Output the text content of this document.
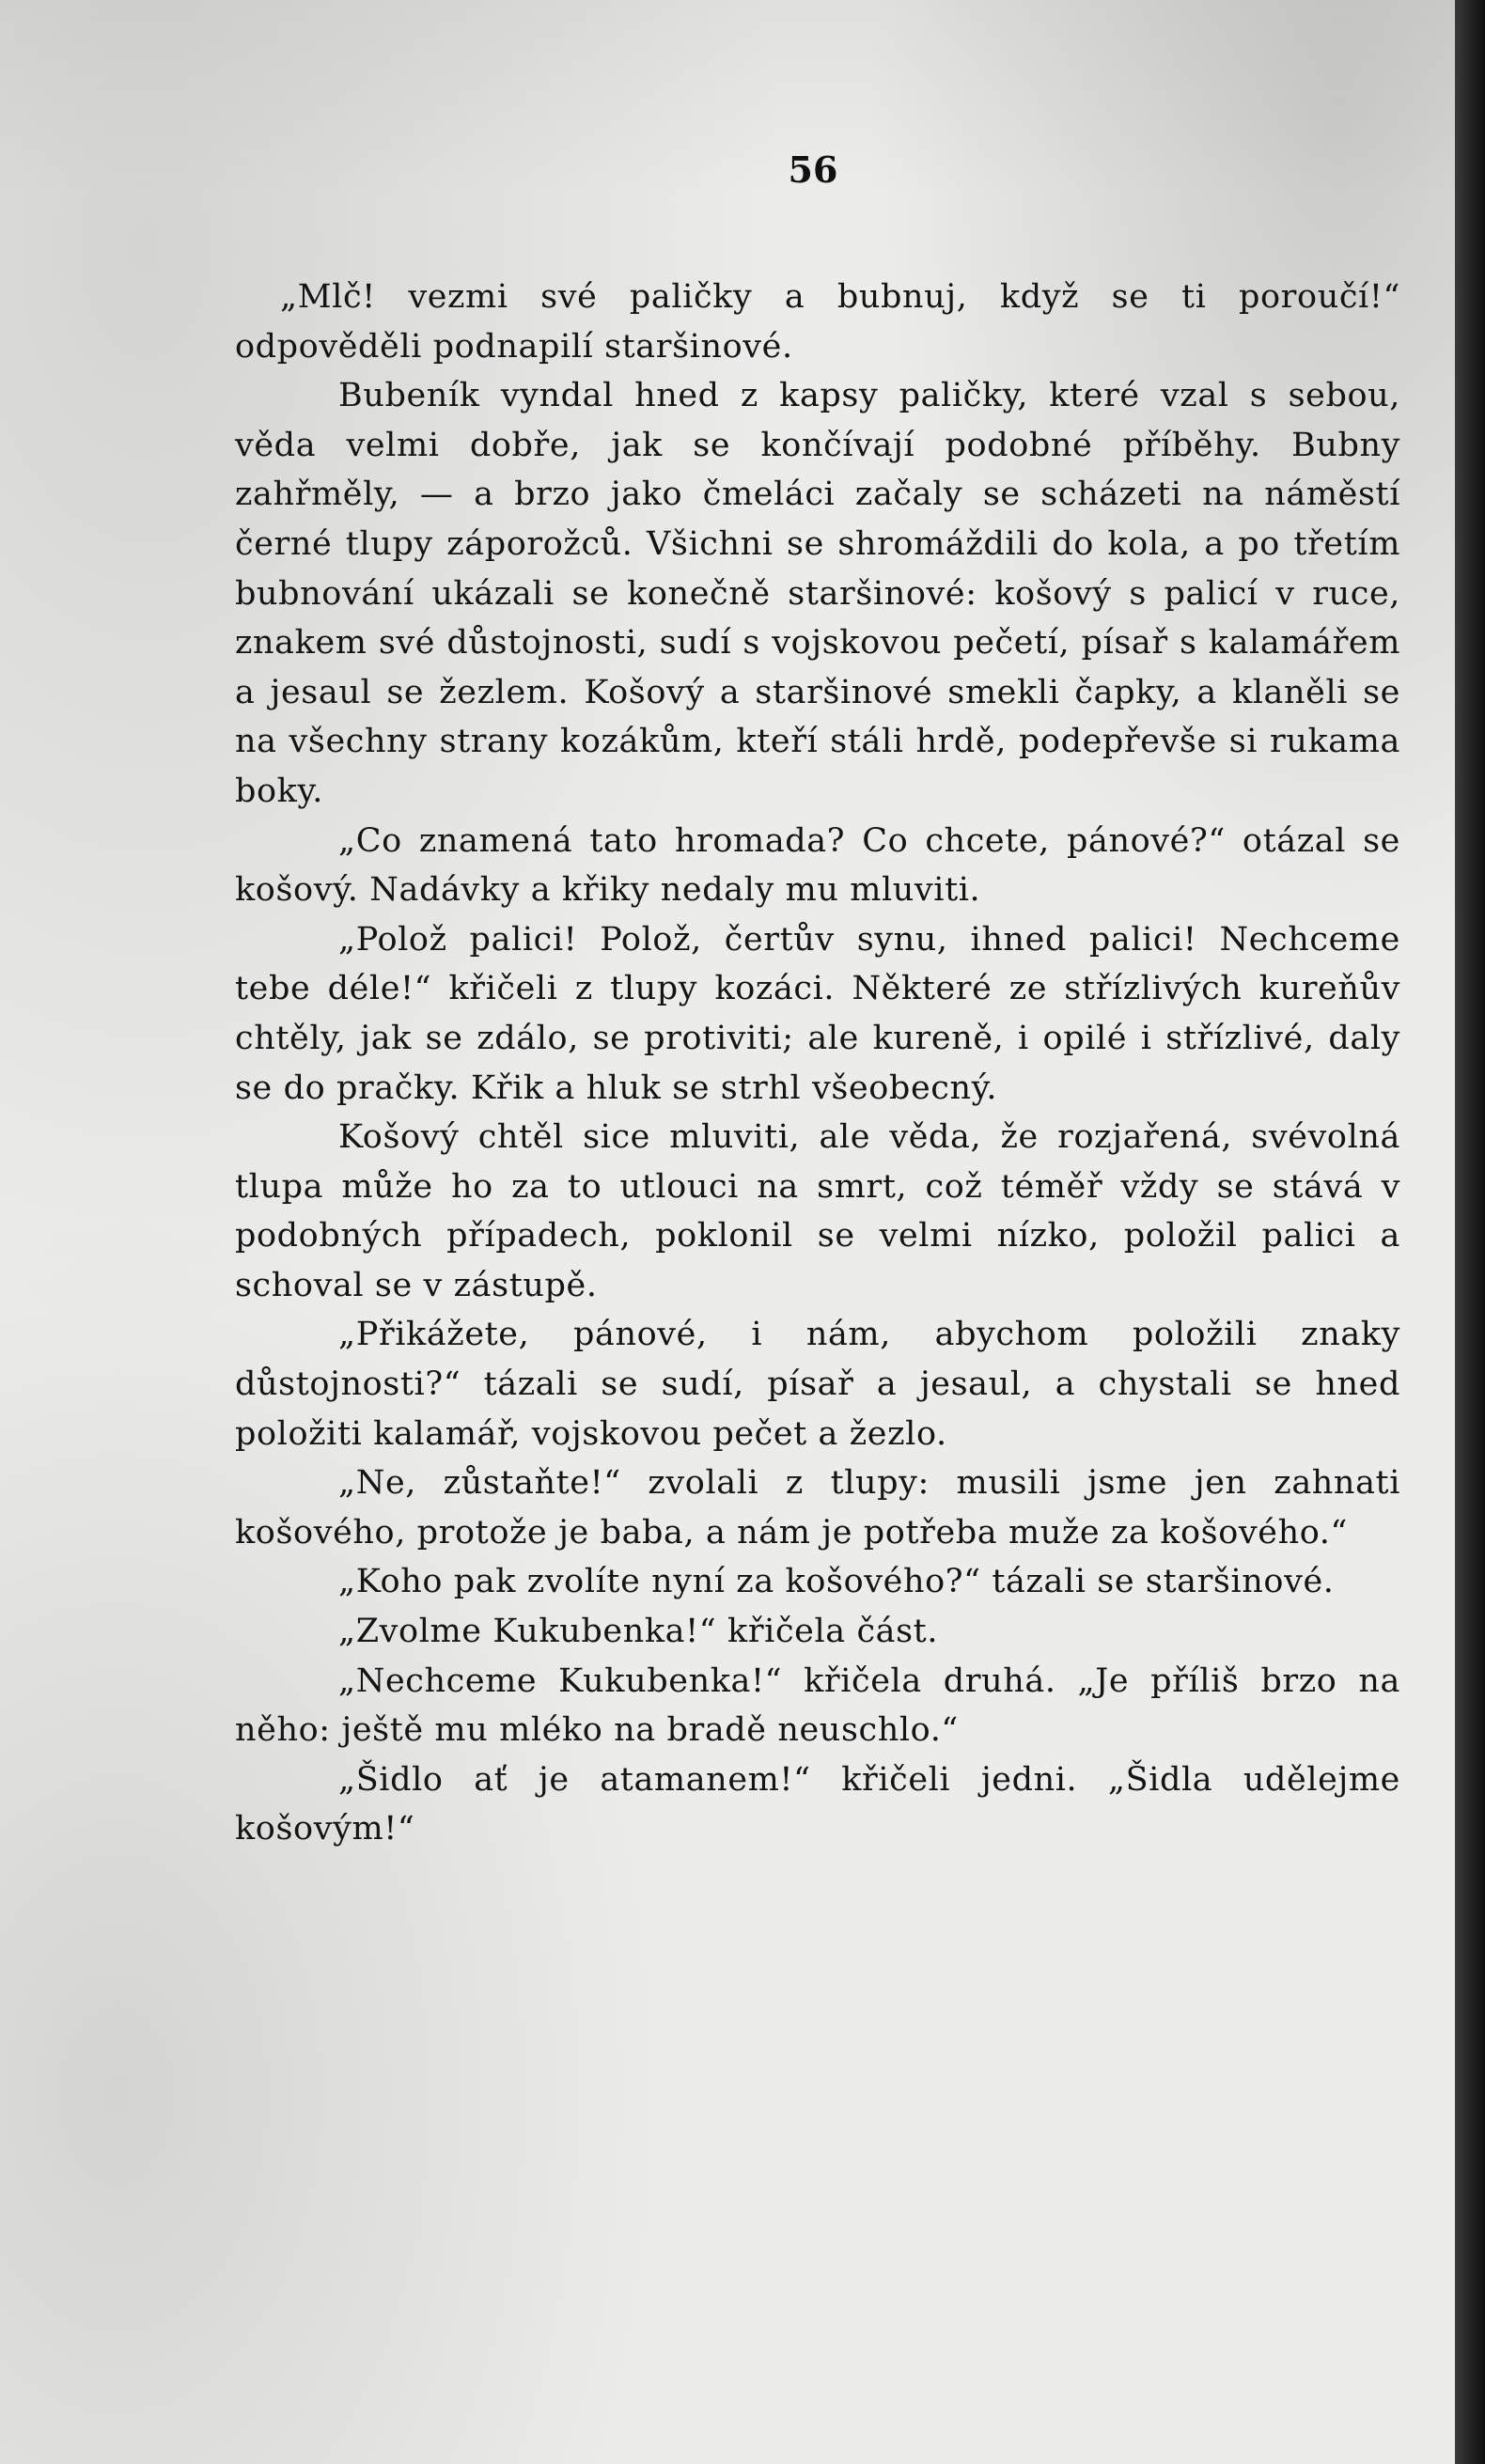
56

„Mlč! vezmi své paličky a bubnuj, když se ti poroučí!“ odpověděli podnapilí staršinové.

Bubeník vyndal hned z kapsy paličky, které vzal s sebou, věda velmi dobře, jak se končívají podobné příběhy. Bubny zahřměly, — a brzo jako čmeláci začaly se scházeti na náměstí černé tlupy záporožců. Všichni se shromáždili do kola, a po třetím bubnování ukázali se konečně staršinové: košový s palicí v ruce, znakem své důstojnosti, sudí s vojskovou pečetí, písař s kalamářem a jesaul se žezlem. Košový a staršinové smekli čapky, a klaněli se na všechny strany kozákům, kteří stáli hrdě, podepřevše si rukama boky.

„Co znamená tato hromada? Co chcete, pánové?“ otázal se košový. Nadávky a křiky nedaly mu mluviti.

„Polož palici! Polož, čertův synu, ihned palici! Nechceme tebe déle!“ křičeli z tlupy kozáci. Některé ze střízlivých kureňův chtěly, jak se zdálo, se protiviti; ale kureně, i opilé i střízlivé, daly se do pračky. Křik a hluk se strhl všeobecný.

Košový chtěl sice mluviti, ale věda, že rozjařená, svévolná tlupa může ho za to utlouci na smrt, což téměř vždy se stává v podobných případech, poklonil se velmi nízko, položil palici a schoval se v zástupě.

„Přikážete, pánové, i nám, abychom položili znaky důstojnosti?“ tázali se sudí, písař a jesaul, a chystali se hned položiti kalamář, vojskovou pečet a žezlo.

„Ne, zůstaňte!“ zvolali z tlupy: musili jsme jen zahnati košového, protože je baba, a nám je potřeba muže za košového.“

„Koho pak zvolíte nyní za košového?“ tázali se staršinové.

„Zvolme Kukubenka!“ křičela část.

„Nechceme Kukubenka!“ křičela druhá. „Je příliš brzo na něho: ještě mu mléko na bradě neuschlo.“

„Šidlo ať je atamanem!“ křičeli jedni. „Šidla udělejme košovým!“
